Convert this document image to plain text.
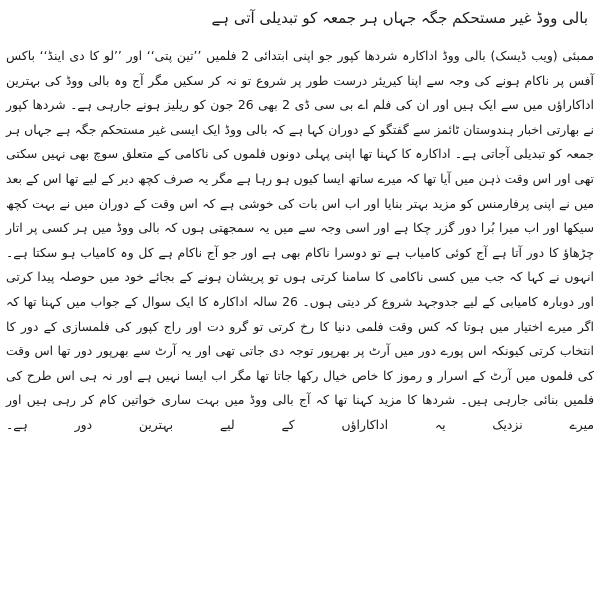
بالی ووڈ غیر مستحکم جگہ جہاں ہر جمعہ کو تبدیلی آتی ہے

ممبئی (ویب ڈیسک) بالی ووڈ اداکارہ شردھا کپور جو اپنی ابتدائی 2 فلمیں ’’تین پتی‘‘ اور ’’لو کا دی اینڈ‘‘ باکس آفس پر ناکام ہونے کی وجہ سے اپنا کیریئر درست طور پر شروع تو نہ کر سکیں مگر آج وہ بالی ووڈ کی بہترین اداکاراؤں میں سے ایک ہیں اور ان کی فلم اے بی سی ڈی 2 بھی 26 جون کو ریلیز ہونے جارہی ہے۔ شردھا کپور نے بھارتی اخبار ہندوستان ٹائمز سے گفتگو کے دوران کہا ہے کہ بالی ووڈ ایک ایسی غیر مستحکم جگہ ہے جہاں ہر جمعہ کو تبدیلی آجاتی ہے۔ اداکارہ کا کہنا تھا اپنی پہلی دونوں فلموں کی ناکامی کے متعلق سوچ بھی نہیں سکتی تھی اور اس وقت ذہن میں آیا تھا کہ میرے ساتھ ایسا کیوں ہو رہا ہے مگر یہ صرف کچھ دیر کے لیے تھا اس کے بعد میں نے اپنی پرفارمنس کو مزید بہتر بنایا اور اب اس بات کی خوشی ہے کہ اس وقت کے دوران میں نے بہت کچھ سیکھا اور اب میرا بُرا دور گزر چکا ہے اور اسی وجہ سے میں یہ سمجھتی ہوں کہ بالی ووڈ میں ہر کسی پر اتار چڑھاؤ کا دور آتا ہے آج کوئی کامیاب ہے تو دوسرا ناکام بھی ہے اور جو آج ناکام ہے کل وہ کامیاب ہو سکتا ہے۔ انہوں نے کہا کہ جب میں کسی ناکامی کا سامنا کرتی ہوں تو پریشان ہونے کے بجائے خود میں حوصلہ پیدا کرتی اور دوبارہ کامیابی کے لیے جدوجہد شروع کر دیتی ہوں۔ 26 سالہ اداکارہ کا ایک سوال کے جواب میں کہنا تھا کہ اگر میرے اختیار میں ہوتا کہ کس وقت فلمی دنیا کا رخ کرتی تو گرو دت اور راج کپور کی فلمسازی کے دور کا انتخاب کرتی کیونکہ اس پورے دور میں آرٹ پر بھرپور توجہ دی جاتی تھی اور یہ آرٹ سے بھرپور دور تھا اس وقت کی فلموں میں آرٹ کے اسرار و رموز کا خاص خیال رکھا جاتا تھا مگر اب ایسا نہیں ہے اور نہ ہی اس طرح کی فلمیں بنائی جارہی ہیں۔ شردھا کا مزید کہنا تھا کہ آج بالی ووڈ میں بہت ساری خواتین کام کر رہی ہیں اور میرے نزدیک یہ اداکاراؤں کے لیے بہترین دور ہے۔
